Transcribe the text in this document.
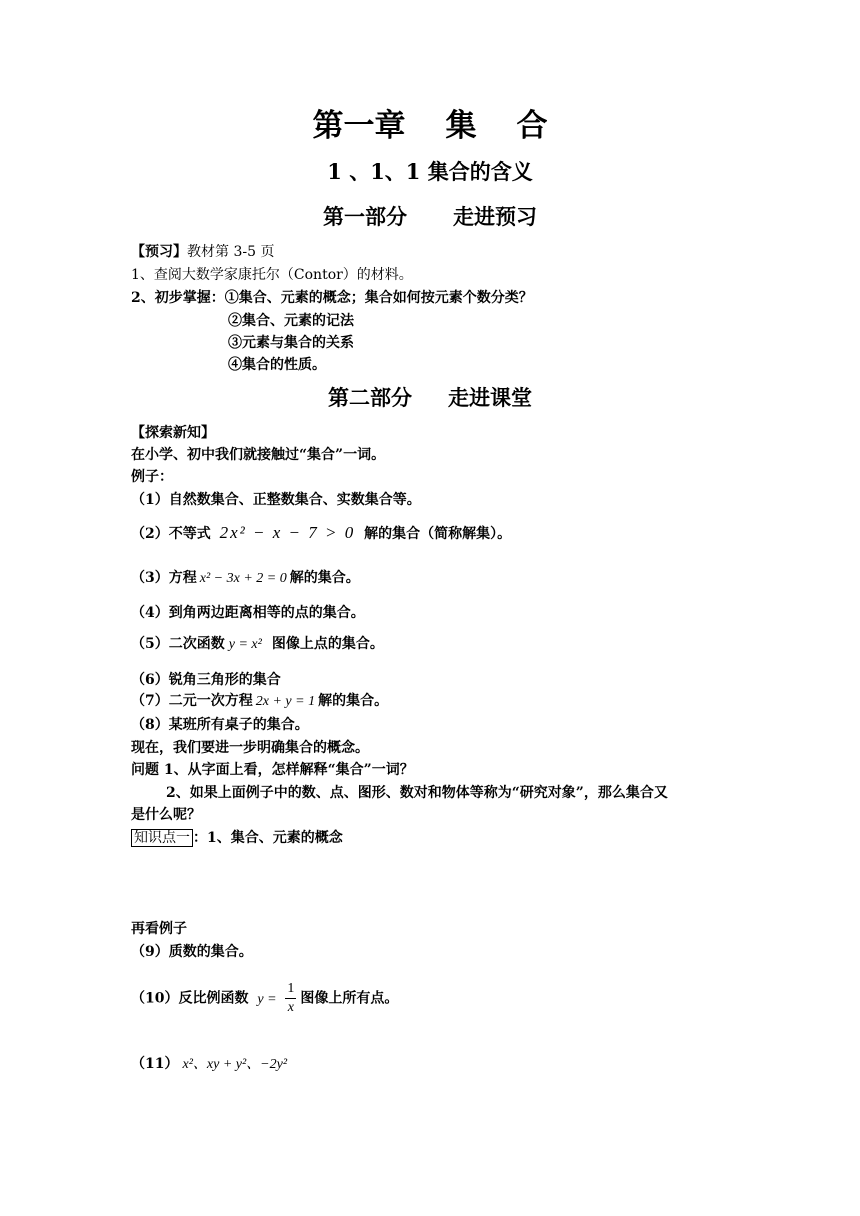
第一章 集 合
1 、1、1 集合的含义
第一部分 走进预习
【预习】教材第 3-5 页
1、查阅大数学家康托尔（Contor）的材料。
2、初步掌握：①集合、元素的概念；集合如何按元素个数分类？
②集合、元素的记法
③元素与集合的关系
④集合的性质。
第二部分 走进课堂
【探索新知】
在小学、初中我们就接触过“集合”一词。
例子：
（1）自然数集合、正整数集合、实数集合等。
（2）不等式 2x² − x − 7 > 0 解的集合（简称解集）。
（3）方程 x² − 3x + 2 = 0 解的集合。
（4）到角两边距离相等的点的集合。
（5）二次函数 y = x² 图像上点的集合。
（6）锐角三角形的集合
（7）二元一次方程 2x + y = 1 解的集合。
（8）某班所有桌子的集合。
现在，我们要进一步明确集合的概念。
问题 1、从字面上看，怎样解释“集合”一词？
2、如果上面例子中的数、点、图形、数对和物体等称为“研究对象”，那么集合又
是什么呢？
知识点一 ：1、集合、元素的概念
再看例子
（9）质数的集合。
（10）反比例函数 $y = \frac{1}{x}$ 图像上所有点。
（11） x²、xy + y²、−2y²
